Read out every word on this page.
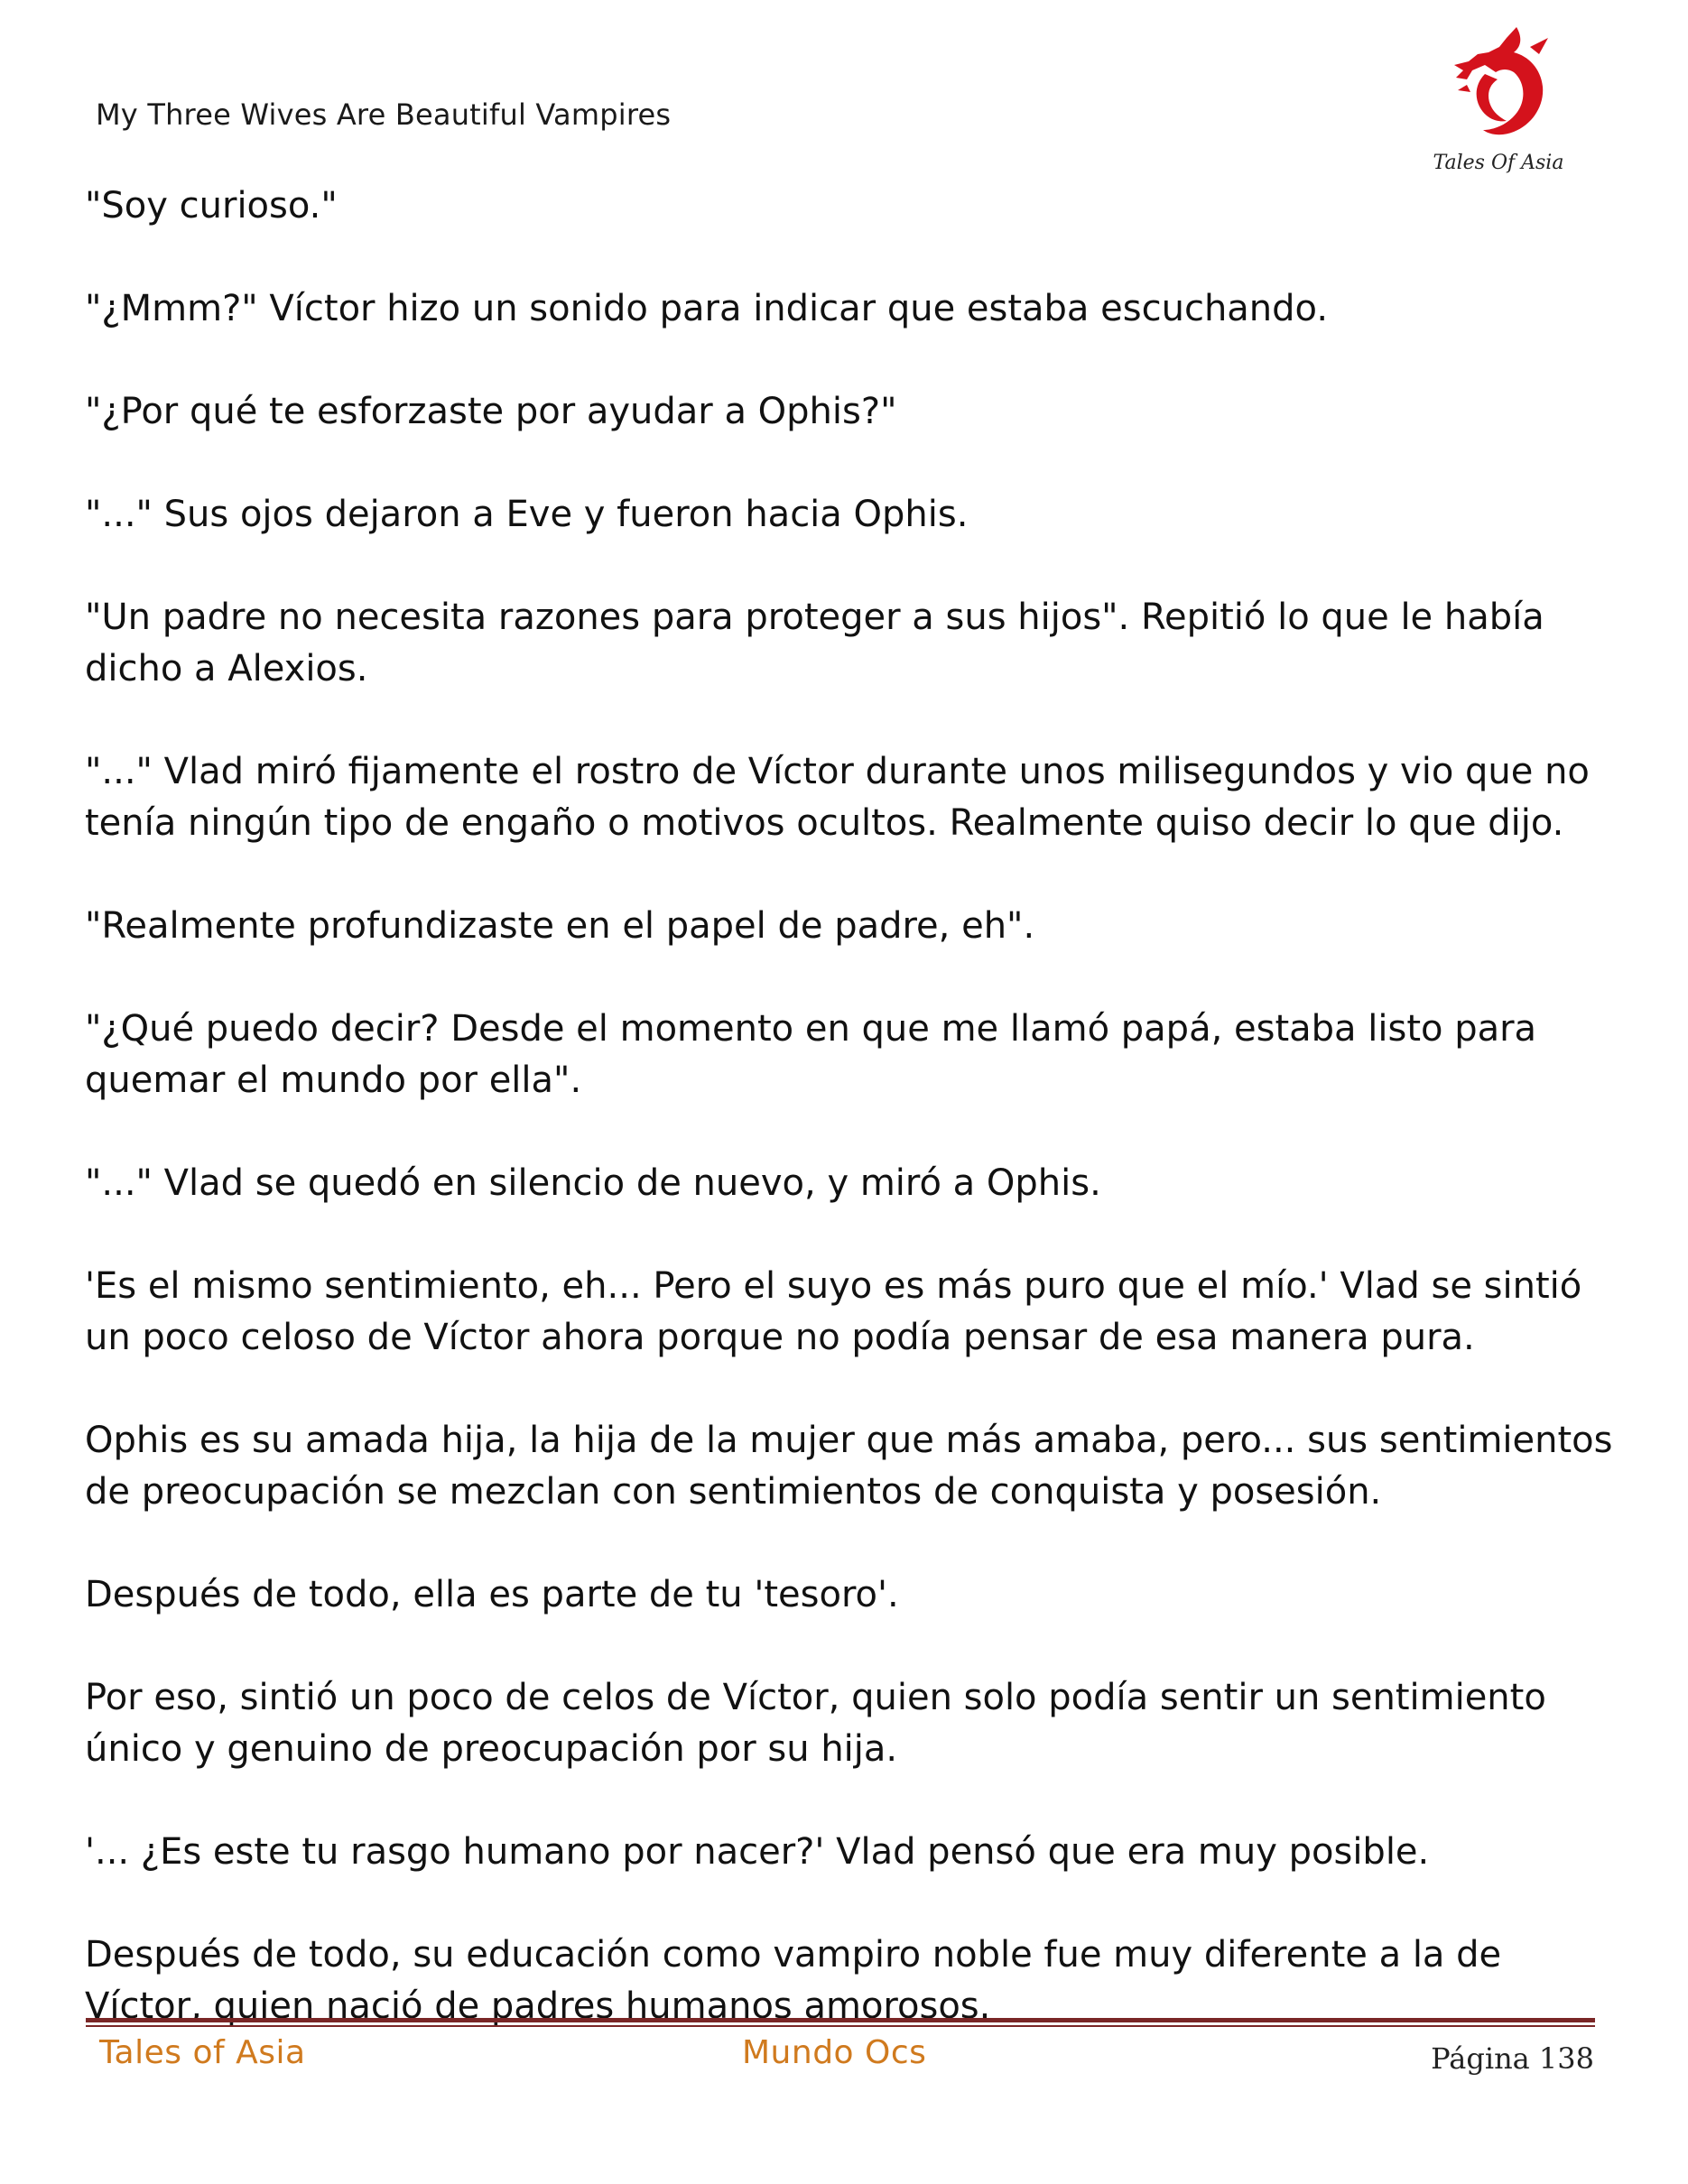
My Three Wives Are Beautiful Vampires
Tales Of Asia

"Soy curioso."

"¿Mmm?" Víctor hizo un sonido para indicar que estaba escuchando.

"¿Por qué te esforzaste por ayudar a Ophis?"

"..." Sus ojos dejaron a Eve y fueron hacia Ophis.

"Un padre no necesita razones para proteger a sus hijos". Repitió lo que le había dicho a Alexios.

"..." Vlad miró fijamente el rostro de Víctor durante unos milisegundos y vio que no tenía ningún tipo de engaño o motivos ocultos. Realmente quiso decir lo que dijo.

"Realmente profundizaste en el papel de padre, eh".

"¿Qué puedo decir? Desde el momento en que me llamó papá, estaba listo para quemar el mundo por ella".

"..." Vlad se quedó en silencio de nuevo, y miró a Ophis.

'Es el mismo sentimiento, eh... Pero el suyo es más puro que el mío.' Vlad se sintió un poco celoso de Víctor ahora porque no podía pensar de esa manera pura.

Ophis es su amada hija, la hija de la mujer que más amaba, pero... sus sentimientos de preocupación se mezclan con sentimientos de conquista y posesión.

Después de todo, ella es parte de tu 'tesoro'.

Por eso, sintió un poco de celos de Víctor, quien solo podía sentir un sentimiento único y genuino de preocupación por su hija.

'... ¿Es este tu rasgo humano por nacer?' Vlad pensó que era muy posible.

Después de todo, su educación como vampiro noble fue muy diferente a la de Víctor, quien nació de padres humanos amorosos.

Tales of Asia	Mundo Ocs	Página 138
